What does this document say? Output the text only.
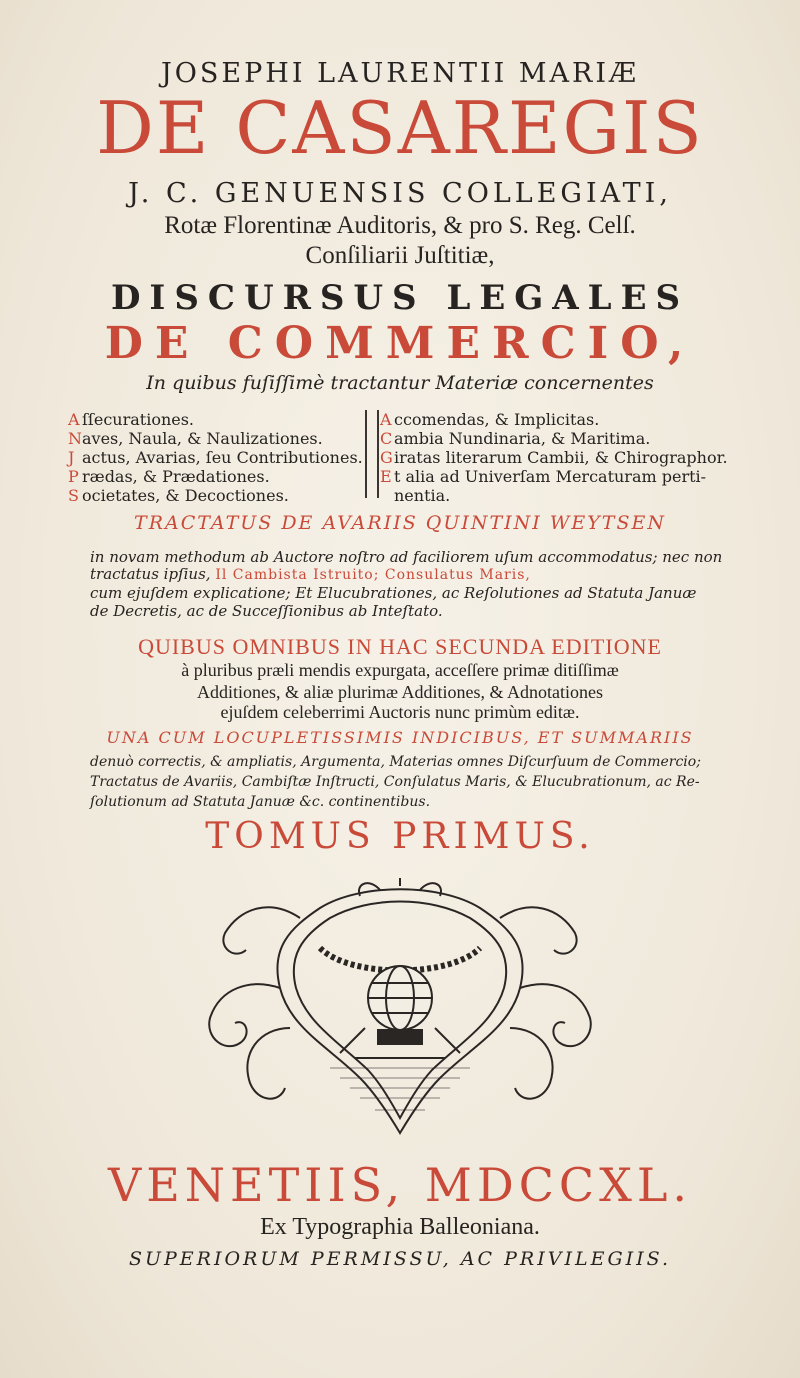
JOSEPHI LAURENTII MARIÆ
DE CASAREGIS
J. C. GENUENSIS COLLEGIATI,
Rotæ Florentinæ Auditoris, & pro S. Reg. Celſ.
Conſiliarii Juſtitiæ,
DISCURSUS LEGALES
DE COMMERCIO,
In quibus fuſiſſimè tractantur Materiæ concernentes
A ſſecurationes.
Naves, Naula, & Naulizationes.
J actus, Avarias, ſeu Contributiones.
P rædas, & Prædationes.
S ocietates, & Decoctiones.
A ccomendas, & Implicitas.
C ambia Nundinaria, & Maritima.
Giratas literarum Cambii, & Chirographor.
E t alia ad Univerſam Mercaturam perti-
nentia.
TRACTATUS DE AVARIIS QUINTINI WEYTSEN
in novam methodum ab Auctore noſtro ad faciliorem uſum accommodatus; nec non
tractatus ipſius, Il Cambista Istruito; Consulatus Maris,
cum ejuſdem explicatione; Et Elucubrationes, ac Reſolutiones ad Statuta Januæ
de Decretis, ac de Succeſſionibus ab Inteſtato.
QUIBUS OMNIBUS IN HAC SECUNDA EDITIONE
à pluribus præli mendis expurgata, acceſſere primæ ditiſſimæ
Additiones, & aliæ plurimæ Additiones, & Adnotationes
ejuſdem celeberrimi Auctoris nunc primùm editæ.
UNA CUM LOCUPLETISSIMIS INDICIBUS, ET SUMMARIIS
denuò correctis, & ampliatis, Argumenta, Materias omnes Diſcurſuum de Commercio;
Tractatus de Avariis, Cambiſtæ Inſtructi, Conſulatus Maris, & Elucubrationum, ac Re-
ſolutionum ad Statuta Januæ &c. continentibus.
TOMUS PRIMUS.
VENETIIS, MDCCXL.
Ex Typographia Balleoniana.
SUPERIORUM PERMISSU, AC PRIVILEGIIS.
